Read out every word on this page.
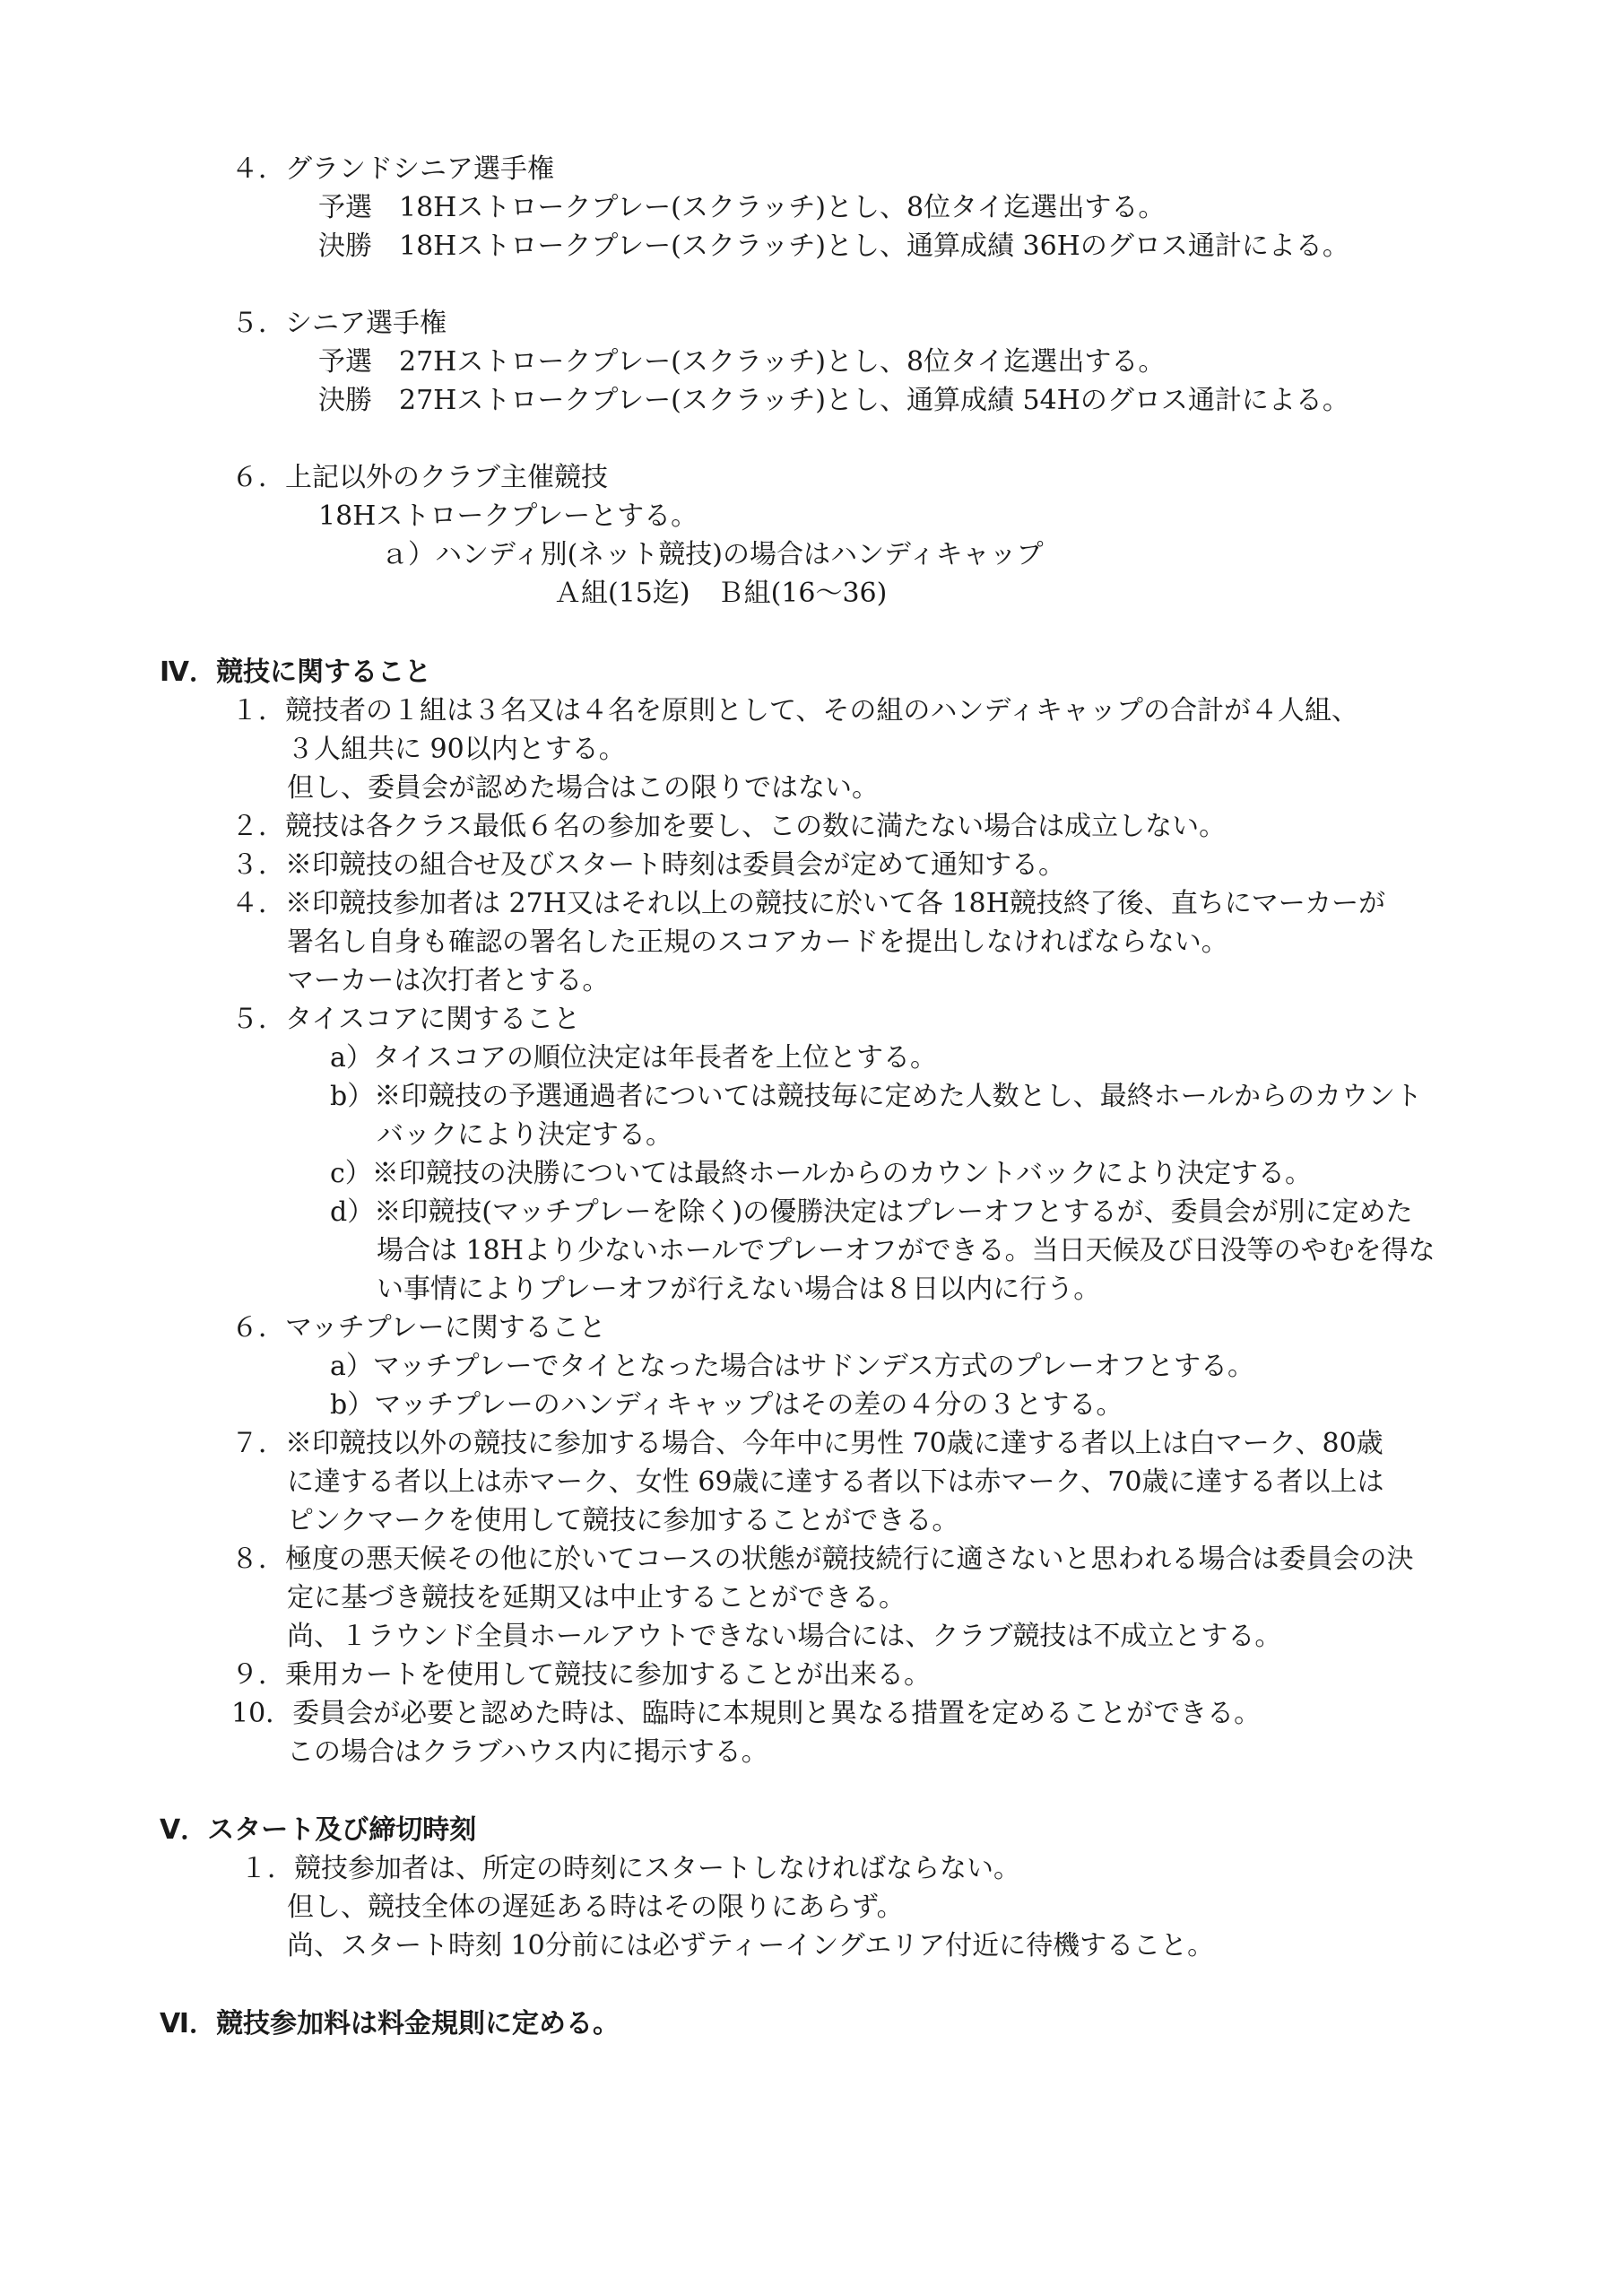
４．グランドシニア選手権
予選　18Hストロークプレー(スクラッチ)とし、8位タイ迄選出する。
決勝　18Hストロークプレー(スクラッチ)とし、通算成績 36Hのグロス通計による。
５．シニア選手権
予選　27Hストロークプレー(スクラッチ)とし、8位タイ迄選出する。
決勝　27Hストロークプレー(スクラッチ)とし、通算成績 54Hのグロス通計による。
６．上記以外のクラブ主催競技
18Hストロークプレーとする。
ａ）ハンディ別(ネット競技)の場合はハンディキャップ
Ａ組(15迄)　Ｂ組(16～36)
Ⅳ．競技に関すること
１．競技者の１組は３名又は４名を原則として、その組のハンディキャップの合計が４人組、
３人組共に 90以内とする。
但し、委員会が認めた場合はこの限りではない。
２．競技は各クラス最低６名の参加を要し、この数に満たない場合は成立しない。
３．※印競技の組合せ及びスタート時刻は委員会が定めて通知する。
４．※印競技参加者は 27H又はそれ以上の競技に於いて各 18H競技終了後、直ちにマーカーが
署名し自身も確認の署名した正規のスコアカードを提出しなければならない。
マーカーは次打者とする。
５．タイスコアに関すること
a）タイスコアの順位決定は年長者を上位とする。
b）※印競技の予選通過者については競技毎に定めた人数とし、最終ホールからのカウント
バックにより決定する。
c）※印競技の決勝については最終ホールからのカウントバックにより決定する。
d）※印競技(マッチプレーを除く)の優勝決定はプレーオフとするが、委員会が別に定めた
場合は 18Hより少ないホールでプレーオフができる。当日天候及び日没等のやむを得な
い事情によりプレーオフが行えない場合は８日以内に行う。
６．マッチプレーに関すること
a）マッチプレーでタイとなった場合はサドンデス方式のプレーオフとする。
b）マッチプレーのハンディキャップはその差の４分の３とする。
７．※印競技以外の競技に参加する場合、今年中に男性 70歳に達する者以上は白マーク、80歳
に達する者以上は赤マーク、女性 69歳に達する者以下は赤マーク、70歳に達する者以上は
ピンクマークを使用して競技に参加することができる。
８．極度の悪天候その他に於いてコースの状態が競技続行に適さないと思われる場合は委員会の決
定に基づき競技を延期又は中止することができる。
尚、１ラウンド全員ホールアウトできない場合には、クラブ競技は不成立とする。
９．乗用カートを使用して競技に参加することが出来る。
10．委員会が必要と認めた時は、臨時に本規則と異なる措置を定めることができる。
この場合はクラブハウス内に掲示する。
Ⅴ．スタート及び締切時刻
１．競技参加者は、所定の時刻にスタートしなければならない。
但し、競技全体の遅延ある時はその限りにあらず。
尚、スタート時刻 10分前には必ずティーイングエリア付近に待機すること。
Ⅵ．競技参加料は料金規則に定める。
